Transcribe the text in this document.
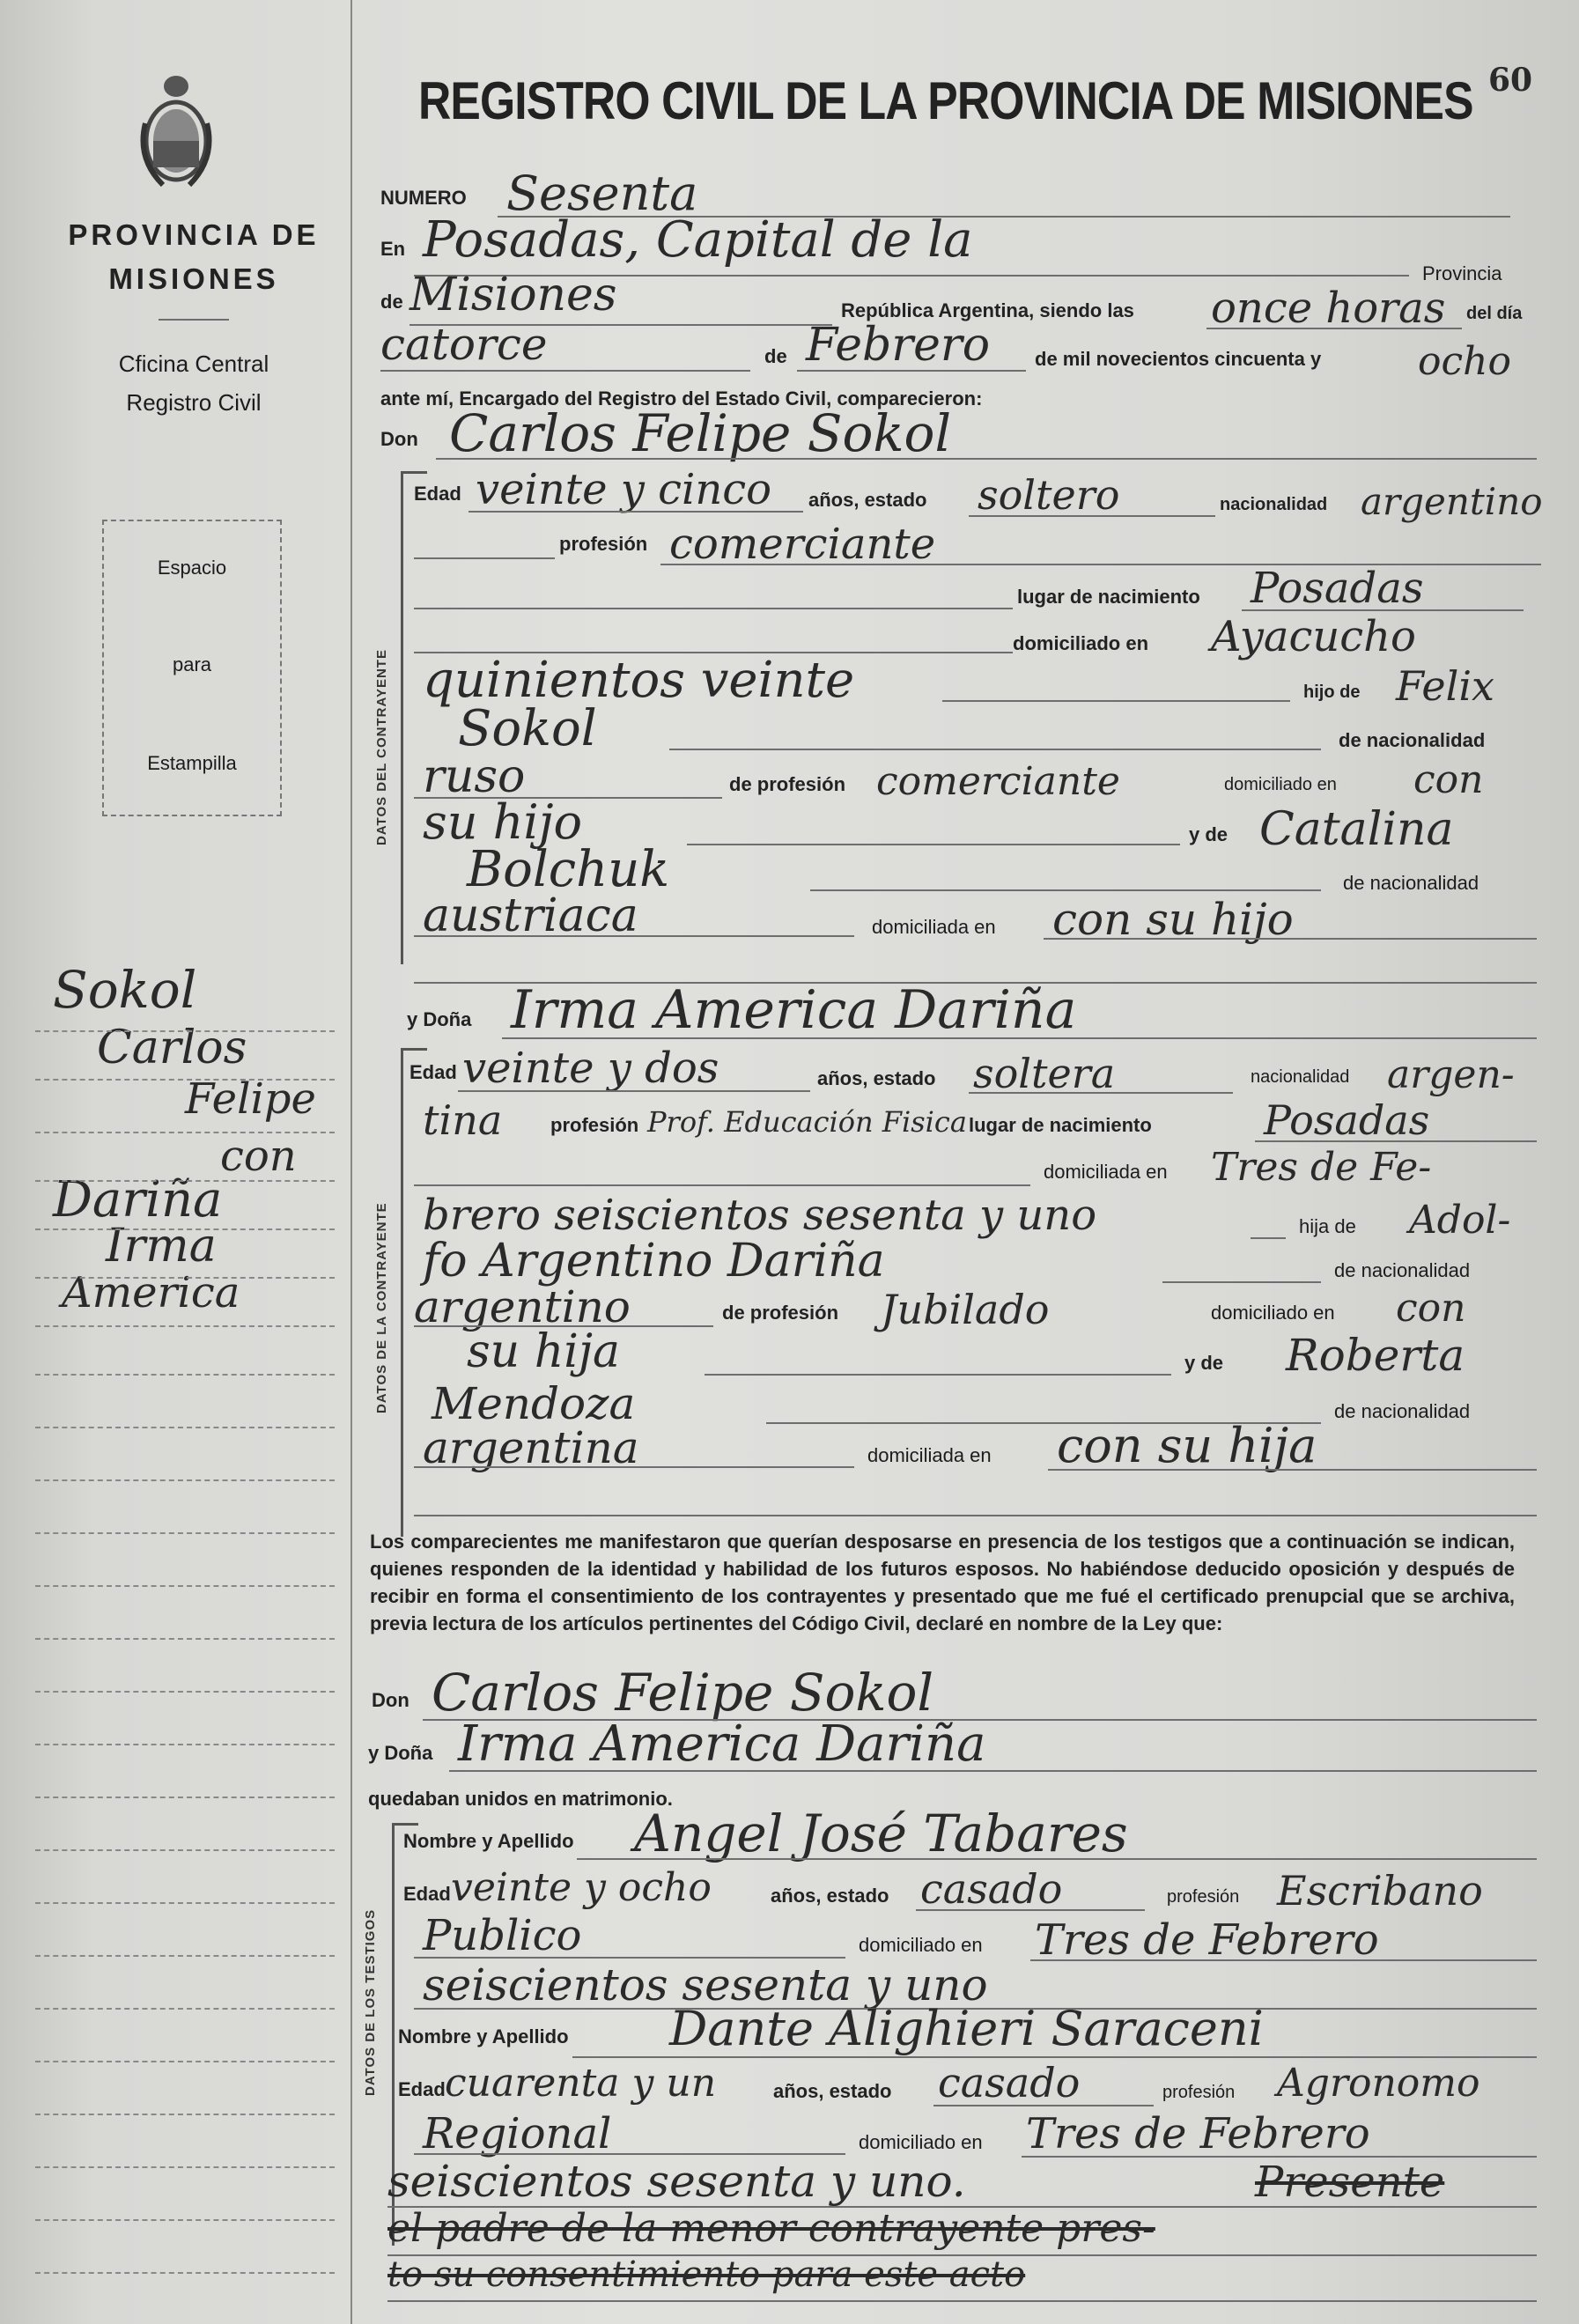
60
PROVINCIA DE
MISIONES
Cficina Central
Registro Civil
Espacio
para
Estampilla
Sokol
Carlos
Felipe
con
Dariña
Irma
America
REGISTRO CIVIL DE LA PROVINCIA DE MISIONES
NUMERO Sesenta
En Posadas, Capital de la
Provincia
de Misiones	República Argentina, siendo las once horas del día
catorce	de Febrero de mil novecientos cincuenta y ocho
ante mí, Encargado del Registro del Estado Civil, comparecieron:
Don Carlos Felipe Sokol
DATOS DEL CONTRAYENTE
Edad veinte y cinco años, estado soltero	nacionalidad argentino
profesión comerciante
lugar de nacimiento Posadas
domiciliado en Ayacucho
quinientos veinte	hijo de Felix
Sokol	de nacionalidad
ruso	de profesión comerciante	domiciliado en con
su hijo	y de Catalina
Bolchuk	de nacionalidad
austriaca	domiciliada en con su hijo
y Doña Irma America Dariña
DATOS DE LA CONTRAYENTE
Edad veinte y dos	años, estado soltera	nacionalidad argen-
tina profesión Prof. Educación Fisica lugar de nacimiento	Posadas
domiciliada en Tres de Fe-
brero seiscientos sesenta y uno	hija de Adol-
fo Argentino Dariña	de nacionalidad
argentino	de profesión Jubilado	domiciliado en con
su hija	y de Roberta
Mendoza	de nacionalidad
argentina	domiciliada en con su hija
Los comparecientes me manifestaron que querían desposarse en presencia de los testigos que a continuación se indican, quienes responden de la identidad y habilidad de los futuros esposos. No habiéndose deducido oposición y después de recibir en forma el consentimiento de los contrayentes y presentado que me fué el certificado prenupcial que se archiva, previa lectura de los artículos pertinentes del Código Civil, declaré en nombre de la Ley que:
Don Carlos Felipe Sokol
y Doña Irma America Dariña
quedaban unidos en matrimonio.
DATOS DE LOS TESTIGOS
Nombre y Apellido Angel José Tabares
Edad veinte y ocho	años, estado casado	profesión Escribano
Publico	domiciliado en Tres de Febrero
seiscientos sesenta y uno
Nombre y Apellido Dante Alighieri Saraceni
Edad cuarenta y un	años, estado casado	profesión Agronomo
Regional	domiciliado en Tres de Febrero
seiscientos sesenta y uno.	Presente
el padre de la menor contrayente pres-
to su consentimiento para este acto
